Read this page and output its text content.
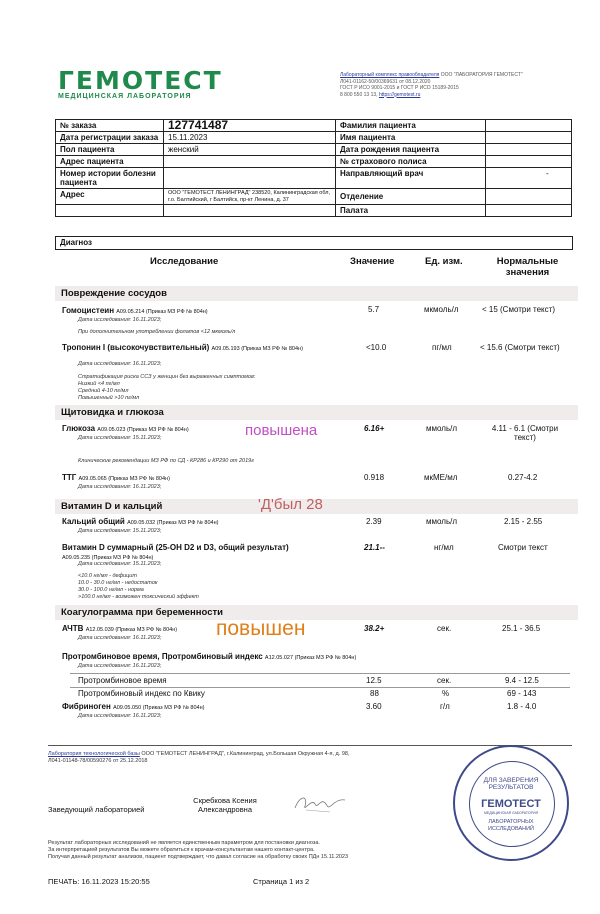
ГЕМОТЕСТ
МЕДИЦИНСКАЯ ЛАБОРАТОРИЯ
Лабораторный комплекс правообладателя ООО "ЛАБОРАТОРИЯ ГЕМОТЕСТ"
Л041-01162-50/00369631 от 08.12.2020
ГОСТ Р ИСО 9001-2015 и ГОСТ Р ИСО 15189-2015
8 800 550 13 13, https://gemotest.ru
№ заказа	127741487	Фамилия пациента	
Дата регистрации заказа	15.11.2023	Имя пациента	
Пол пациента	женский	Дата рождения пациента	
Адрес пациента		№ страхового полиса	
Номер истории болезни пациента		Направляющий врач	-
Адрес	ООО "ГЕМОТЕСТ ЛЕНИНГРАД" 238520, Калининградская обл, г.о. Балтийский, г Балтийск, пр-кт Ленина, д. 37	Отделение	
		Палата	
Диагноз
Исследование	Значение	Ед. изм.	Нормальные значения
Повреждение сосудов
Гомоцистеин A09.05.214 (Приказ МЗ РФ № 804н)
Дата исследования: 16.11.2023;
При дополнительном употреблении фолатов <12 мкмоль/л
5.7	мкмоль/л	< 15 (Смотри текст)
Тропонин I (высокочувствительный) A09.05.193 (Приказ МЗ РФ № 804н)
Дата исследования: 16.11.2023;
Стратификация риска ССЗ у женщин без выраженных симптомов:
Низкий <4 пг/мл
Средний 4-10 пг/мл
Повышенный >10 пг/мл
<10.0	пг/мл	< 15.6 (Смотри текст)
Щитовидка и глюкоза
Глюкоза A09.05.023 (Приказ МЗ РФ № 804н)	повышена
Дата исследования: 15.11.2023;
Клинические рекомендации МЗ РФ по СД - КР286 и КР290 от 2019г
6.16+	ммоль/л	4.11 - 6.1 (Смотри текст)
ТТГ A09.05.065 (Приказ МЗ РФ № 804н)
Дата исследования: 16.11.2023;
0.918	мкМЕ/мл	0.27-4.2
Витамин D и кальций	'Д'был 28
Кальций общий A09.05.032 (Приказ МЗ РФ № 804н)
Дата исследования: 15.11.2023;
2.39	ммоль/л	2.15 - 2.55
Витамин D суммарный (25-OH D2 и D3, общий результат)
A09.05.235 (Приказ МЗ РФ № 804н)
Дата исследования: 15.11.2023;
<10.0 нг/мл - дефицит
10.0 - 30.0 нг/мл - недостаток
30.0 - 100.0 нг/мл - норма
>100.0 нг/мл - возможен токсический эффект
21.1--	нг/мл	Смотри текст
Коагулограмма при беременности
АЧТВ A12.05.039 (Приказ МЗ РФ № 804н) повышен
Дата исследования: 16.11.2023;
38.2+	сек.	25.1 - 36.5
Протромбиновое время, Протромбиновый индекс A12.05.027 (Приказ МЗ РФ № 804н)
Дата исследования: 16.11.2023;
Протромбиновое время	12.5	сек.	9.4 - 12.5
Протромбиновый индекс по Квику	88	%	69 - 143
Фибриноген A09.05.050 (Приказ МЗ РФ № 804н)
Дата исследования: 16.11.2023;
3.60	г/л	1.8 - 4.0
Лаборатория технологической базы ООО "ГЕМОТЕСТ ЛЕНИНГРАД", г.Калининград, ул.Большая Окружная 4-я, д. 98,
Л041-01148-78/00590276 от 25.12.2018
Заведующий лабораторией
Скребкова Ксения Александровна
ДЛЯ ЗАВЕРЕНИЯ РЕЗУЛЬТАТОВ
ГЕМОТЕСТ
МЕДИЦИНСКАЯ ЛАБОРАТОРИЯ
ЛАБОРАТОРНЫХ ИССЛЕДОВАНИЙ
Результат лабораторных исследований не является единственным параметром для постановки диагноза.
За интерпретацией результатов Вы можете обратиться к врачам-консультантам нашего контакт-центра.
Получая данный результат анализов, пациент подтверждает, что давал согласие на обработку своих ПДн 15.11.2023
ПЕЧАТЬ: 16.11.2023 15:20:55	Страница 1 из 2
